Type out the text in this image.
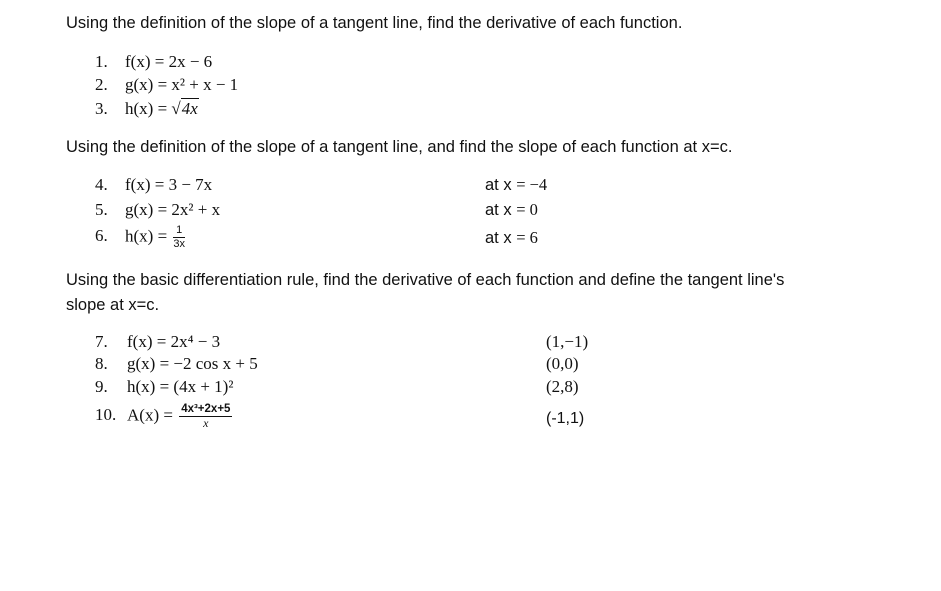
Using the definition of the slope of a tangent line, find the derivative of each function.
1. f(x) = 2x − 6
2. g(x) = x² + x − 1
3. h(x) = √4x
Using the definition of the slope of a tangent line, and find the slope of each function at x=c.
4. f(x) = 3 − 7x	at x = −4
5. g(x) = 2x² + x	at x = 0
6. $h(x) = \frac{1}{3x}$	at x = 6
Using the basic differentiation rule, find the derivative of each function and define the tangent line's
slope at x=c.
7. f(x) = 2x⁴ − 3	(1,−1)
8. g(x) = −2 cos x + 5	(0,0)
9. h(x) = (4x + 1)²	(2,8)
10. $A(x) = \frac{\text{4x³+2x+5}}{x}$	(-1,1)
